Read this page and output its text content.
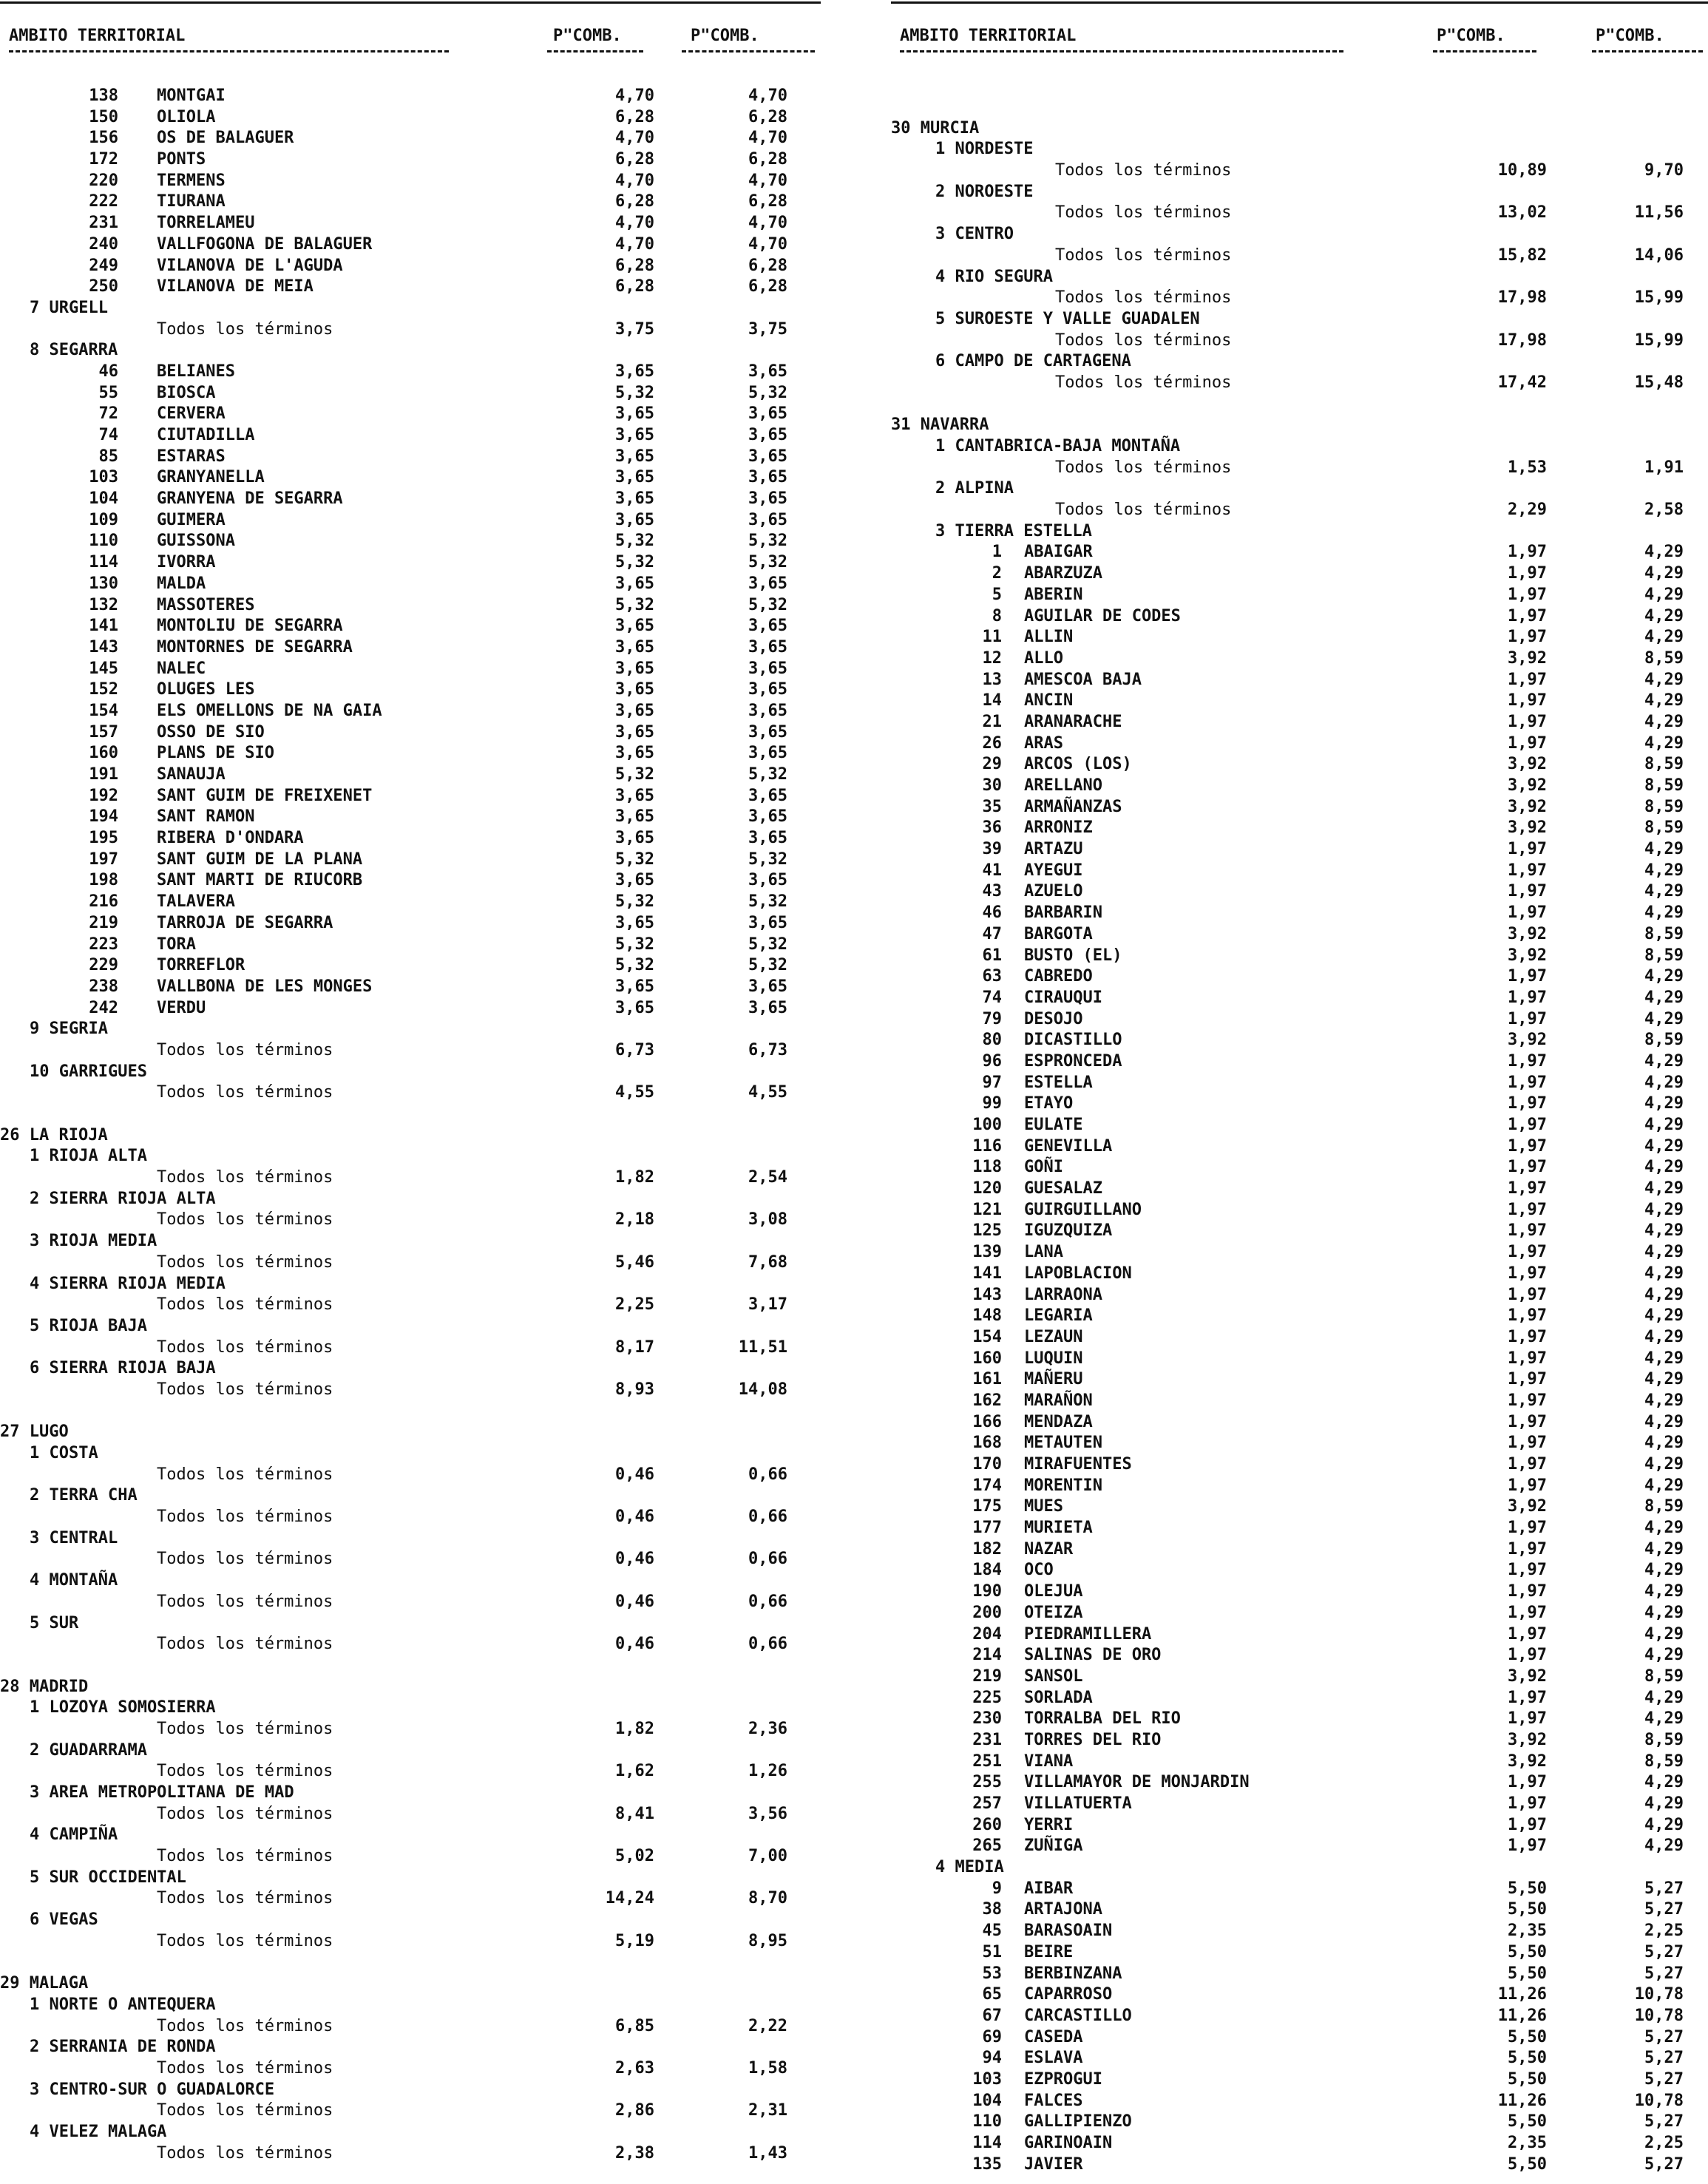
AMBITO TERRITORIAL	P"COMB.	P"COMB.
138 MONTGAI	4,70	4,70
150 OLIOLA	6,28	6,28
156 OS DE BALAGUER	4,70	4,70
172 PONTS	6,28	6,28
220 TERMENS	4,70	4,70
222 TIURANA	6,28	6,28
231 TORRELAMEU	4,70	4,70
240 VALLFOGONA DE BALAGUER	4,70	4,70
249 VILANOVA DE L'AGUDA	6,28	6,28
250 VILANOVA DE MEIA	6,28	6,28
7 URGELL
Todos los términos	3,75	3,75
8 SEGARRA
46 BELIANES	3,65	3,65
55 BIOSCA	5,32	5,32
72 CERVERA	3,65	3,65
74 CIUTADILLA	3,65	3,65
85 ESTARAS	3,65	3,65
103 GRANYANELLA	3,65	3,65
104 GRANYENA DE SEGARRA	3,65	3,65
109 GUIMERA	3,65	3,65
110 GUISSONA	5,32	5,32
114 IVORRA	5,32	5,32
130 MALDA	3,65	3,65
132 MASSOTERES	5,32	5,32
141 MONTOLIU DE SEGARRA	3,65	3,65
143 MONTORNES DE SEGARRA	3,65	3,65
145 NALEC	3,65	3,65
152 OLUGES LES	3,65	3,65
154 ELS OMELLONS DE NA GAIA	3,65	3,65
157 OSSO DE SIO	3,65	3,65
160 PLANS DE SIO	3,65	3,65
191 SANAUJA	5,32	5,32
192 SANT GUIM DE FREIXENET	3,65	3,65
194 SANT RAMON	3,65	3,65
195 RIBERA D'ONDARA	3,65	3,65
197 SANT GUIM DE LA PLANA	5,32	5,32
198 SANT MARTI DE RIUCORB	3,65	3,65
216 TALAVERA	5,32	5,32
219 TARROJA DE SEGARRA	3,65	3,65
223 TORA	5,32	5,32
229 TORREFLOR	5,32	5,32
238 VALLBONA DE LES MONGES	3,65	3,65
242 VERDU	3,65	3,65
9 SEGRIA
Todos los términos	6,73	6,73
10 GARRIGUES
Todos los términos	4,55	4,55
26 LA RIOJA
1 RIOJA ALTA
Todos los términos	1,82	2,54
2 SIERRA RIOJA ALTA
Todos los términos	2,18	3,08
3 RIOJA MEDIA
Todos los términos	5,46	7,68
4 SIERRA RIOJA MEDIA
Todos los términos	2,25	3,17
5 RIOJA BAJA
Todos los términos	8,17	11,51
6 SIERRA RIOJA BAJA
Todos los términos	8,93	14,08
27 LUGO
1 COSTA
Todos los términos	0,46	0,66
2 TERRA CHA
Todos los términos	0,46	0,66
3 CENTRAL
Todos los términos	0,46	0,66
4 MONTAÑA
Todos los términos	0,46	0,66
5 SUR
Todos los términos	0,46	0,66
28 MADRID
1 LOZOYA SOMOSIERRA
Todos los términos	1,82	2,36
2 GUADARRAMA
Todos los términos	1,62	1,26
3 AREA METROPOLITANA DE MAD
Todos los términos	8,41	3,56
4 CAMPIÑA
Todos los términos	5,02	7,00
5 SUR OCCIDENTAL
Todos los términos	14,24	8,70
6 VEGAS
Todos los términos	5,19	8,95
29 MALAGA
1 NORTE O ANTEQUERA
Todos los términos	6,85	2,22
2 SERRANIA DE RONDA
Todos los términos	2,63	1,58
3 CENTRO-SUR O GUADALORCE
Todos los términos	2,86	2,31
4 VELEZ MALAGA
Todos los términos	2,38	1,43
AMBITO TERRITORIAL	P"COMB.	P"COMB.
30 MURCIA
1 NORDESTE
Todos los términos	10,89	9,70
2 NOROESTE
Todos los términos	13,02	11,56
3 CENTRO
Todos los términos	15,82	14,06
4 RIO SEGURA
Todos los términos	17,98	15,99
5 SUROESTE Y VALLE GUADALEN
Todos los términos	17,98	15,99
6 CAMPO DE CARTAGENA
Todos los términos	17,42	15,48
31 NAVARRA
1 CANTABRICA-BAJA MONTAÑA
Todos los términos	1,53	1,91
2 ALPINA
Todos los términos	2,29	2,58
3 TIERRA ESTELLA
1 ABAIGAR	1,97	4,29
2 ABARZUZA	1,97	4,29
5 ABERIN	1,97	4,29
8 AGUILAR DE CODES	1,97	4,29
11 ALLIN	1,97	4,29
12 ALLO	3,92	8,59
13 AMESCOA BAJA	1,97	4,29
14 ANCIN	1,97	4,29
21 ARANARACHE	1,97	4,29
26 ARAS	1,97	4,29
29 ARCOS (LOS)	3,92	8,59
30 ARELLANO	3,92	8,59
35 ARMAÑANZAS	3,92	8,59
36 ARRONIZ	3,92	8,59
39 ARTAZU	1,97	4,29
41 AYEGUI	1,97	4,29
43 AZUELO	1,97	4,29
46 BARBARIN	1,97	4,29
47 BARGOTA	3,92	8,59
61 BUSTO (EL)	3,92	8,59
63 CABREDO	1,97	4,29
74 CIRAUQUI	1,97	4,29
79 DESOJO	1,97	4,29
80 DICASTILLO	3,92	8,59
96 ESPRONCEDA	1,97	4,29
97 ESTELLA	1,97	4,29
99 ETAYO	1,97	4,29
100 EULATE	1,97	4,29
116 GENEVILLA	1,97	4,29
118 GOÑI	1,97	4,29
120 GUESALAZ	1,97	4,29
121 GUIRGUILLANO	1,97	4,29
125 IGUZQUIZA	1,97	4,29
139 LANA	1,97	4,29
141 LAPOBLACION	1,97	4,29
143 LARRAONA	1,97	4,29
148 LEGARIA	1,97	4,29
154 LEZAUN	1,97	4,29
160 LUQUIN	1,97	4,29
161 MAÑERU	1,97	4,29
162 MARAÑON	1,97	4,29
166 MENDAZA	1,97	4,29
168 METAUTEN	1,97	4,29
170 MIRAFUENTES	1,97	4,29
174 MORENTIN	1,97	4,29
175 MUES	3,92	8,59
177 MURIETA	1,97	4,29
182 NAZAR	1,97	4,29
184 OCO	1,97	4,29
190 OLEJUA	1,97	4,29
200 OTEIZA	1,97	4,29
204 PIEDRAMILLERA	1,97	4,29
214 SALINAS DE ORO	1,97	4,29
219 SANSOL	3,92	8,59
225 SORLADA	1,97	4,29
230 TORRALBA DEL RIO	1,97	4,29
231 TORRES DEL RIO	3,92	8,59
251 VIANA	3,92	8,59
255 VILLAMAYOR DE MONJARDIN	1,97	4,29
257 VILLATUERTA	1,97	4,29
260 YERRI	1,97	4,29
265 ZUÑIGA	1,97	4,29
4 MEDIA
9 AIBAR	5,50	5,27
38 ARTAJONA	5,50	5,27
45 BARASOAIN	2,35	2,25
51 BEIRE	5,50	5,27
53 BERBINZANA	5,50	5,27
65 CAPARROSO	11,26	10,78
67 CARCASTILLO	11,26	10,78
69 CASEDA	5,50	5,27
94 ESLAVA	5,50	5,27
103 EZPROGUI	5,50	5,27
104 FALCES	11,26	10,78
110 GALLIPIENZO	5,50	5,27
114 GARINOAIN	2,35	2,25
135 JAVIER	5,50	5,27
